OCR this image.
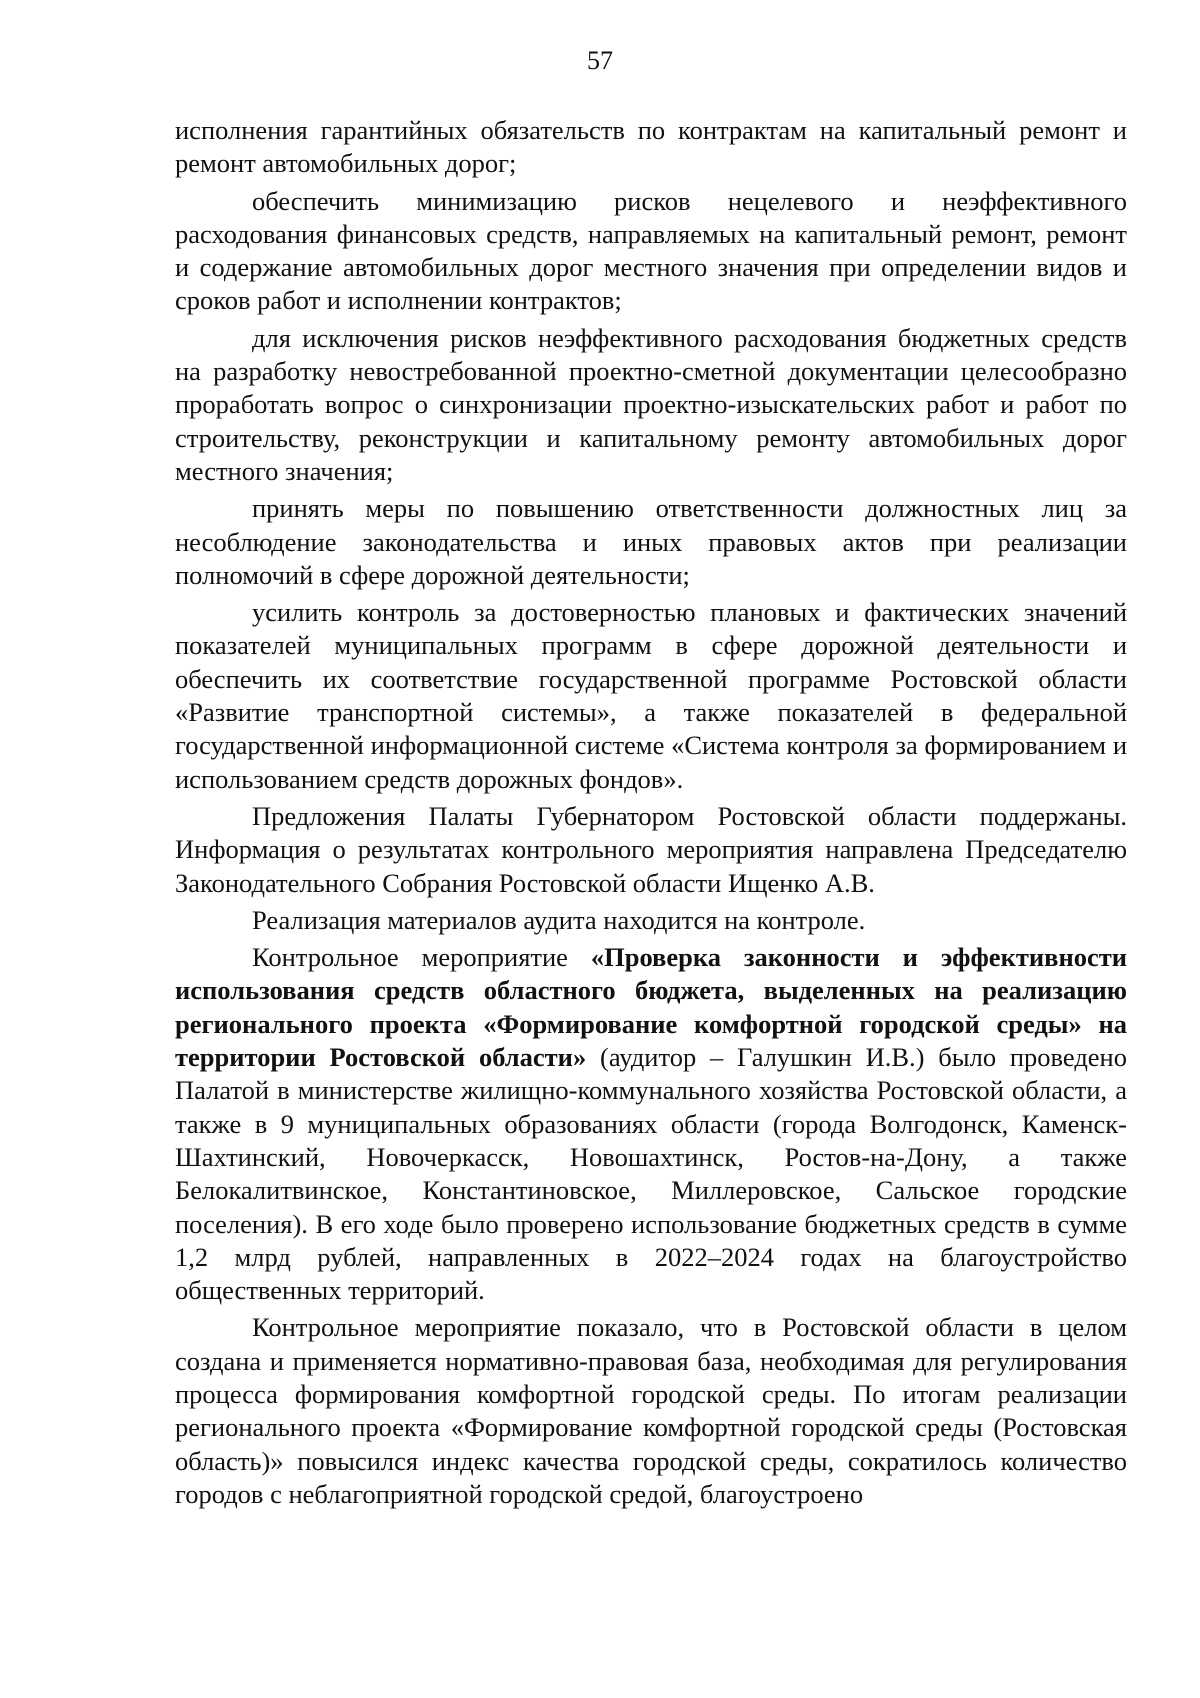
57

исполнения гарантийных обязательств по контрактам на капитальный ремонт и ремонт автомобильных дорог;

обеспечить минимизацию рисков нецелевого и неэффективного расходования финансовых средств, направляемых на капитальный ремонт, ремонт и содержание автомобильных дорог местного значения при определении видов и сроков работ и исполнении контрактов;

для исключения рисков неэффективного расходования бюджетных средств на разработку невостребованной проектно-сметной документации целесообразно проработать вопрос о синхронизации проектно-изыскательских работ и работ по строительству, реконструкции и капитальному ремонту автомобильных дорог местного значения;

принять меры по повышению ответственности должностных лиц за несоблюдение законодательства и иных правовых актов при реализации полномочий в сфере дорожной деятельности;

усилить контроль за достоверностью плановых и фактических значений показателей муниципальных программ в сфере дорожной деятельности и обеспечить их соответствие государственной программе Ростовской области «Развитие транспортной системы», а также показателей в федеральной государственной информационной системе «Система контроля за формированием и использованием средств дорожных фондов».

Предложения Палаты Губернатором Ростовской области поддержаны. Информация о результатах контрольного мероприятия направлена Председателю Законодательного Собрания Ростовской области Ищенко А.В.

Реализация материалов аудита находится на контроле.

Контрольное мероприятие «Проверка законности и эффективности использования средств областного бюджета, выделенных на реализацию регионального проекта «Формирование комфортной городской среды» на территории Ростовской области» (аудитор – Галушкин И.В.) было проведено Палатой в министерстве жилищно-коммунального хозяйства Ростовской области, а также в 9 муниципальных образованиях области (города Волгодонск, Каменск-Шахтинский, Новочеркасск, Новошахтинск, Ростов-на-Дону, а также Белокалитвинское, Константиновское, Миллеровское, Сальское городские поселения). В его ходе было проверено использование бюджетных средств в сумме 1,2 млрд рублей, направленных в 2022–2024 годах на благоустройство общественных территорий.

Контрольное мероприятие показало, что в Ростовской области в целом создана и применяется нормативно-правовая база, необходимая для регулирования процесса формирования комфортной городской среды. По итогам реализации регионального проекта «Формирование комфортной городской среды (Ростовская область)» повысился индекс качества городской среды, сократилось количество городов с неблагоприятной городской средой, благоустроено
